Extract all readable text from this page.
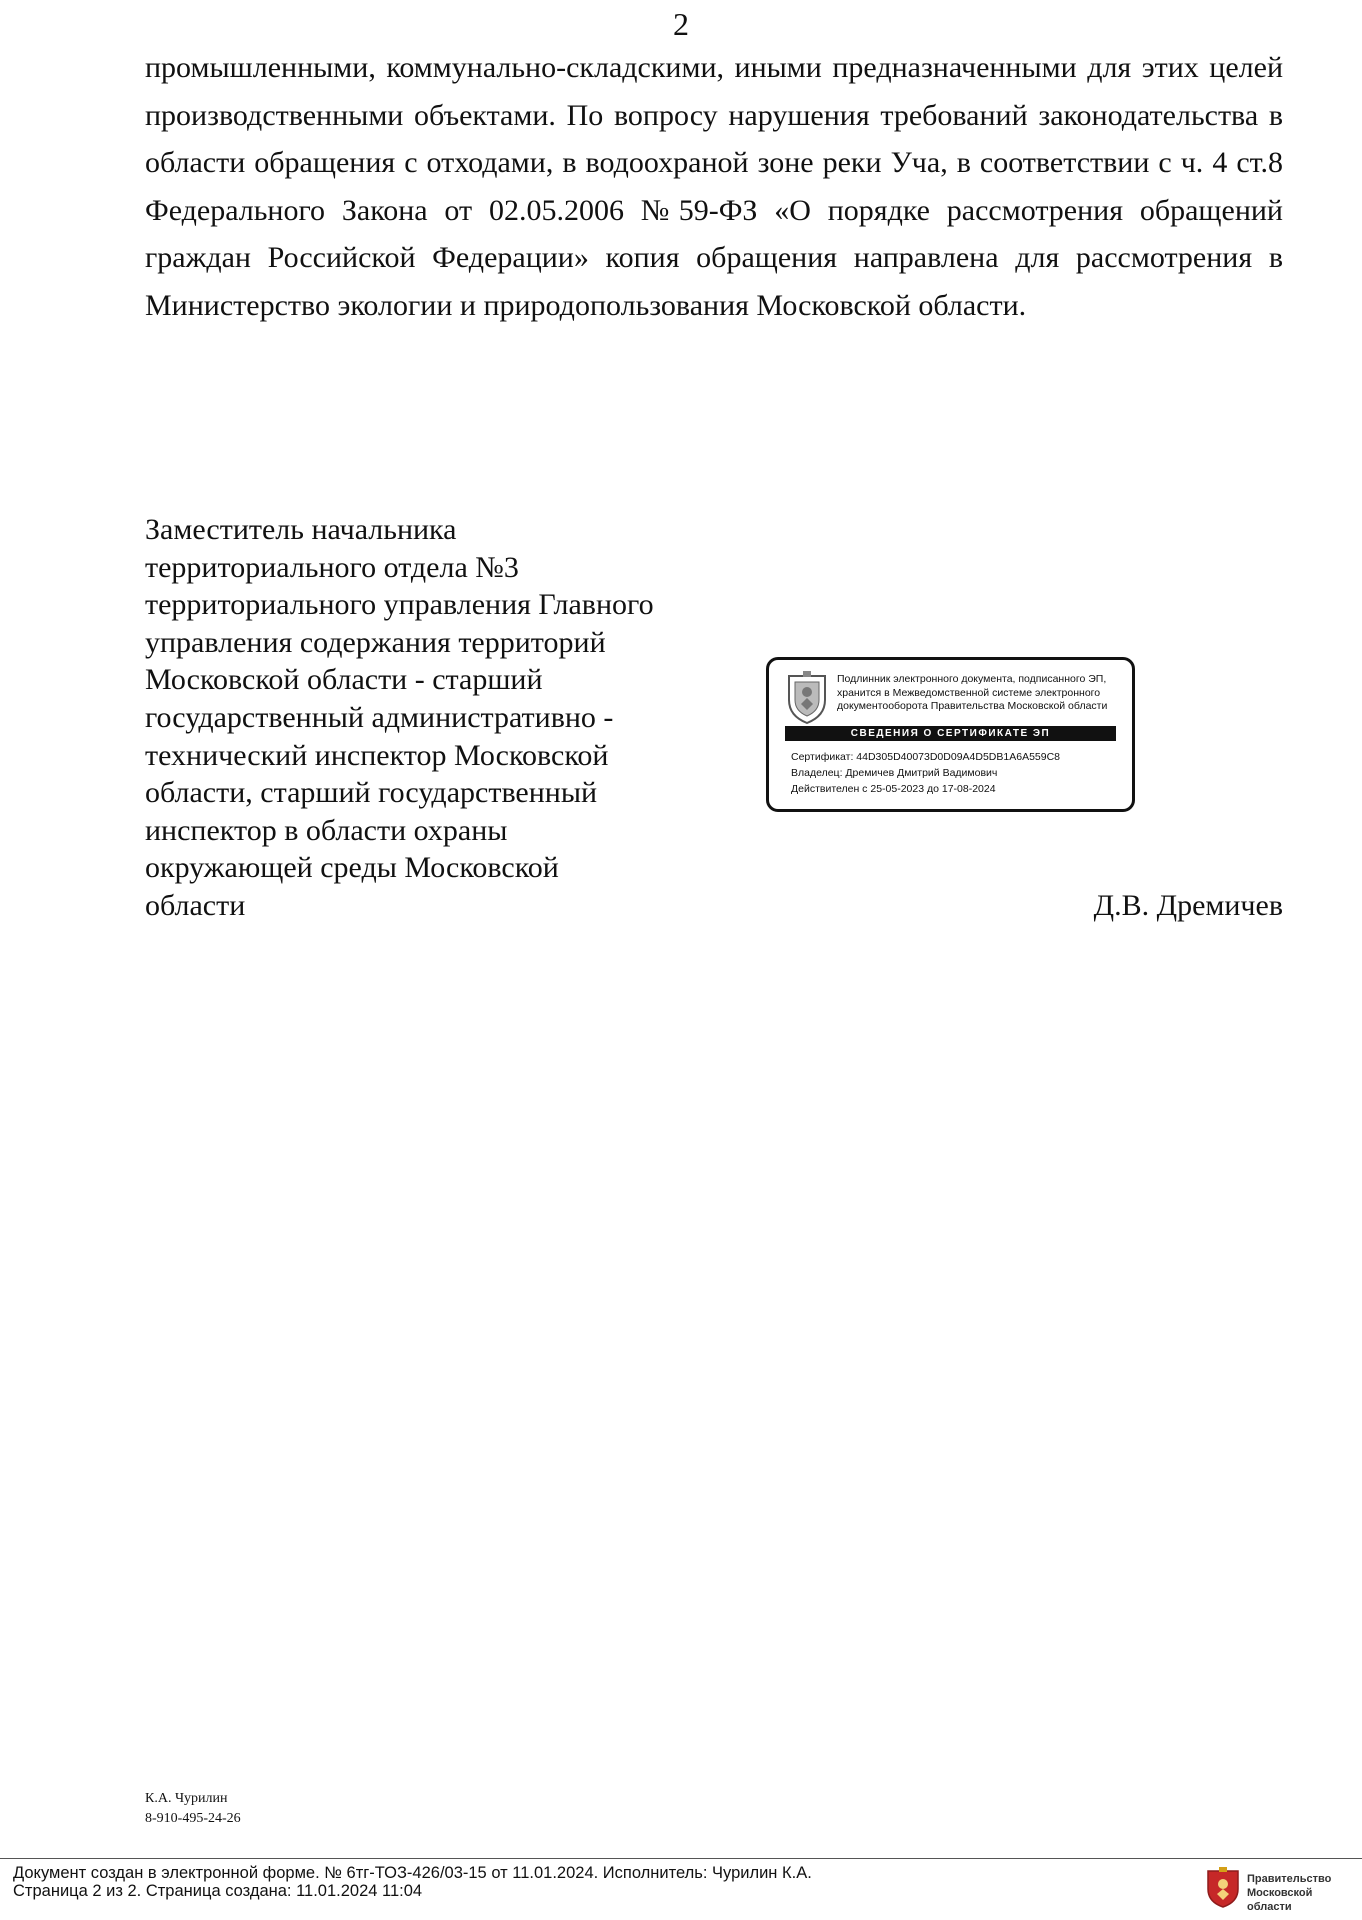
2

промышленными, коммунально-складскими, иными предназначенными для этих целей производственными объектами. По вопросу нарушения требований законодательства в области обращения с отходами, в водоохраной зоне реки Уча, в соответствии с ч. 4 ст.8 Федерального Закона от 02.05.2006 №59-ФЗ «О порядке рассмотрения обращений граждан Российской Федерации» копия обращения направлена для рассмотрения в Министерство экологии и природопользования Московской области.

Заместитель начальника
территориального отдела №3
территориального управления Главного
управления содержания территорий
Московской области - старший
государственный административно -
технический инспектор Московской
области, старший государственный
инспектор в области охраны
окружающей среды Московской
области	Д.В. Дремичев
Подлинник электронного документа, подписанного ЭП,
хранится в Межведомственной системе электронного
документооборота Правительства Московской области
СВЕДЕНИЯ О СЕРТИФИКАТЕ ЭП
Сертификат: 44D305D40073D0D09A4D5DB1A6A559C8
Владелец: Дремичев Дмитрий Вадимович
Действителен с 25-05-2023 до 17-08-2024
К.А. Чурилин
8-910-495-24-26
Документ создан в электронной форме. № 6тг-ТОЗ-426/03-15 от 11.01.2024. Исполнитель: Чурилин К.А.
Страница 2 из 2. Страница создана: 11.01.2024 11:04
Правительство
Московской области
